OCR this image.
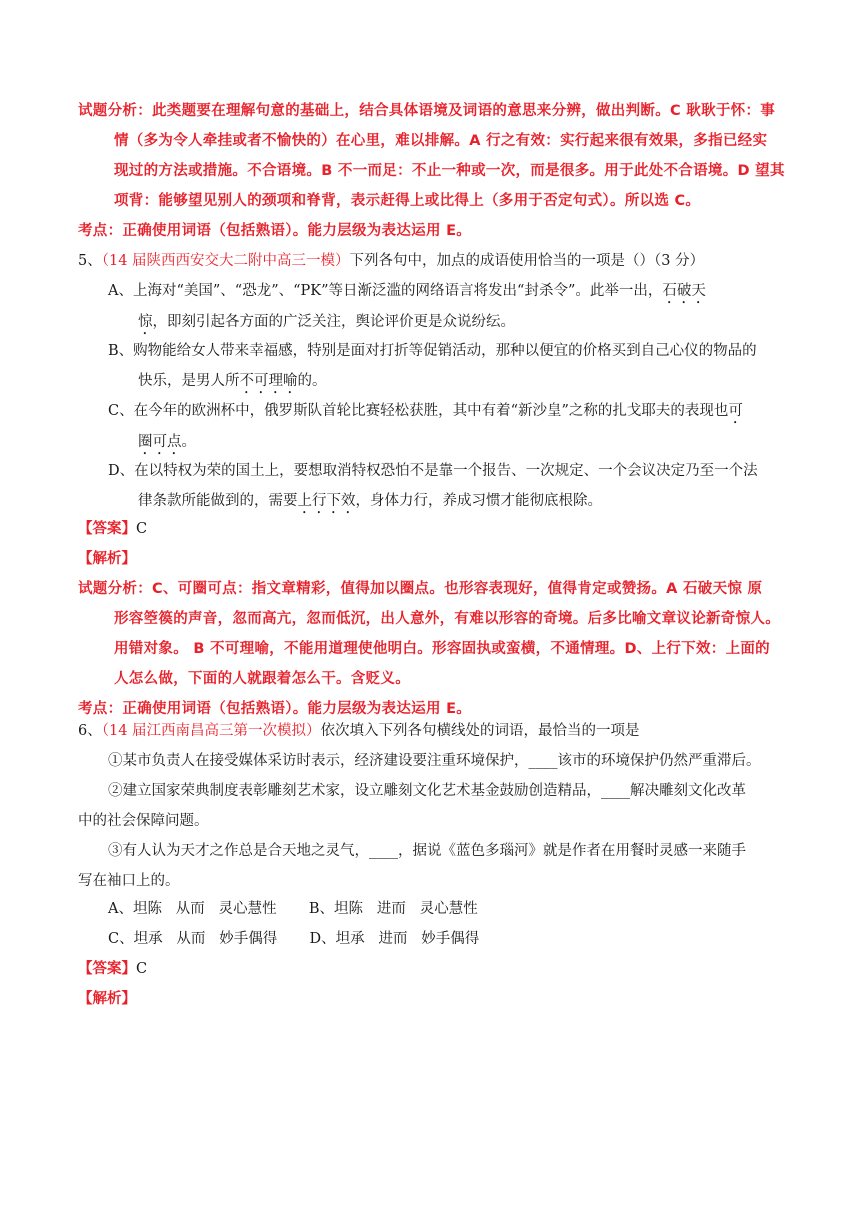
试题分析：此类题要在理解句意的基础上，结合具体语境及词语的意思来分辨，做出判断。C 耿耿于怀：事
情（多为令人牵挂或者不愉快的）在心里，难以排解。A 行之有效：实行起来很有效果，多指已经实
现过的方法或措施。不合语境。B 不一而足：不止一种或一次，而是很多。用于此处不合语境。D 望其
项背：能够望见别人的颈项和脊背，表示赶得上或比得上（多用于否定句式）。所以选 C。
考点：正确使用词语（包括熟语）。能力层级为表达运用 E。
5、（14 届陕西西安交大二附中高三一模）下列各句中，加点的成语使用恰当的一项是（）（3 分）
A、上海对“美国”、“恐龙”、“PK”等日渐泛滥的网络语言将发出“封杀令”。此举一出，石破天
惊，即刻引起各方面的广泛关注，舆论评价更是众说纷纭。
B、购物能给女人带来幸福感，特别是面对打折等促销活动，那种以便宜的价格买到自己心仪的物品的
快乐，是男人所不可理喻的。
C、在今年的欧洲杯中，俄罗斯队首轮比赛轻松获胜，其中有着“新沙皇”之称的扎戈耶夫的表现也可
圈可点。
D、在以特权为荣的国土上，要想取消特权恐怕不是靠一个报告、一次规定、一个会议决定乃至一个法
律条款所能做到的，需要上行下效，身体力行，养成习惯才能彻底根除。
【答案】C
【解析】
试题分析：C、可圈可点：指文章精彩，值得加以圈点。也形容表现好，值得肯定或赞扬。A 石破天惊 原
形容箜篌的声音，忽而高亢，忽而低沉，出人意外，有难以形容的奇境。后多比喻文章议论新奇惊人。
用错对象。 B 不可理喻，不能用道理使他明白。形容固执或蛮横，不通情理。D、上行下效：上面的
人怎么做，下面的人就跟着怎么干。含贬义。
考点：正确使用词语（包括熟语）。能力层级为表达运用 E。
6、（14 届江西南昌高三第一次模拟）依次填入下列各句横线处的词语，最恰当的一项是
①某市负责人在接受媒体采访时表示，经济建设要注重环境保护，____该市的环境保护仍然严重滞后。
②建立国家荣典制度表彰雕刻艺术家，设立雕刻文化艺术基金鼓励创造精品，____解决雕刻文化改革
中的社会保障问题。
③有人认为天才之作总是合天地之灵气，____，据说《蓝色多瑙河》就是作者在用餐时灵感一来随手
写在袖口上的。
A、坦陈   从而   灵心慧性       B、坦陈   进而   灵心慧性
C、坦承   从而   妙手偶得       D、坦承   进而   妙手偶得
【答案】C
【解析】
